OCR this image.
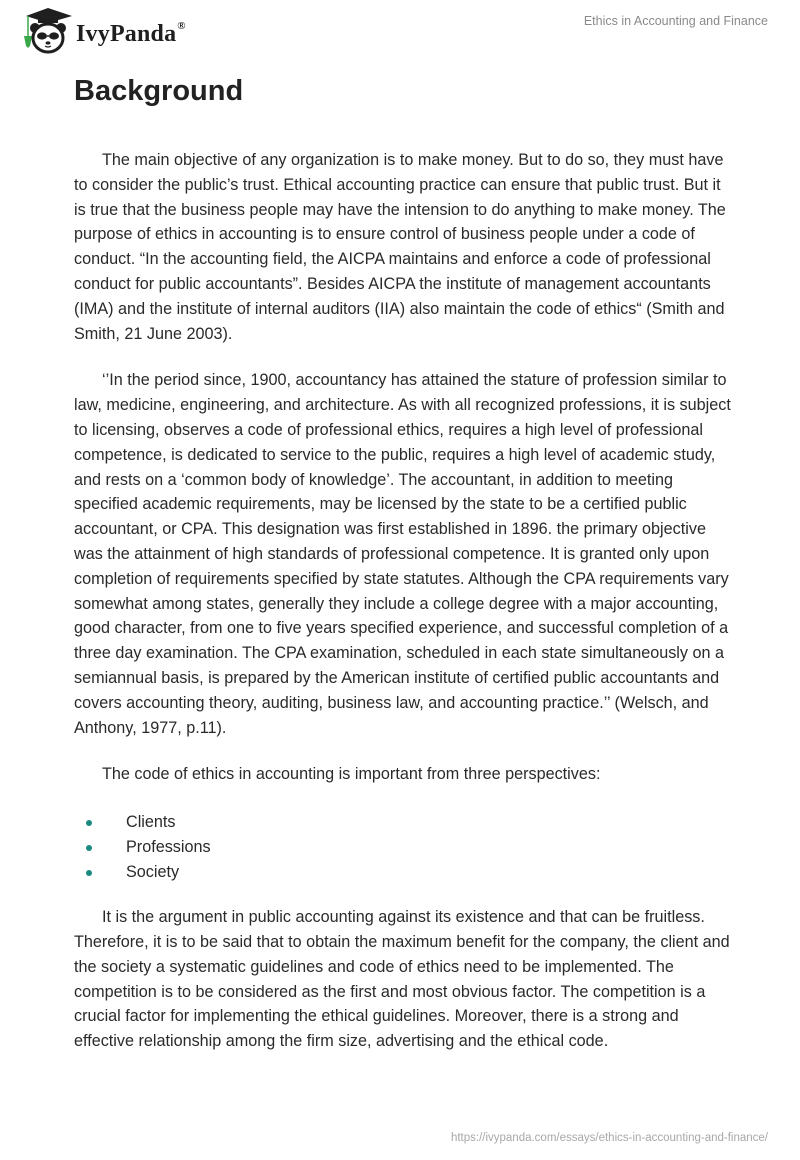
IvyPanda®	Ethics in Accounting and Finance
Background

The main objective of any organization is to make money. But to do so, they must have to consider the public’s trust. Ethical accounting practice can ensure that public trust. But it is true that the business people may have the intension to do anything to make money. The purpose of ethics in accounting is to ensure control of business people under a code of conduct. “In the accounting field, the AICPA maintains and enforce a code of professional conduct for public accountants”. Besides AICPA the institute of management accountants (IMA) and the institute of internal auditors (IIA) also maintain the code of ethics“ (Smith and Smith, 21 June 2003).

‘’In the period since, 1900, accountancy has attained the stature of profession similar to law, medicine, engineering, and architecture. As with all recognized professions, it is subject to licensing, observes a code of professional ethics, requires a high level of professional competence, is dedicated to service to the public, requires a high level of academic study, and rests on a ‘common body of knowledge’. The accountant, in addition to meeting specified academic requirements, may be licensed by the state to be a certified public accountant, or CPA. This designation was first established in 1896. the primary objective was the attainment of high standards of professional competence. It is granted only upon completion of requirements specified by state statutes. Although the CPA requirements vary somewhat among states, generally they include a college degree with a major accounting, good character, from one to five years specified experience, and successful completion of a three day examination. The CPA examination, scheduled in each state simultaneously on a semiannual basis, is prepared by the American institute of certified public accountants and covers accounting theory, auditing, business law, and accounting practice.’’ (Welsch, and Anthony, 1977, p.11).

The code of ethics in accounting is important from three perspectives:

Clients
Professions
Society

It is the argument in public accounting against its existence and that can be fruitless. Therefore, it is to be said that to obtain the maximum benefit for the company, the client and the society a systematic guidelines and code of ethics need to be implemented. The competition is to be considered as the first and most obvious factor. The competition is a crucial factor for implementing the ethical guidelines. Moreover, there is a strong and effective relationship among the firm size, advertising and the ethical code.

https://ivypanda.com/essays/ethics-in-accounting-and-finance/
